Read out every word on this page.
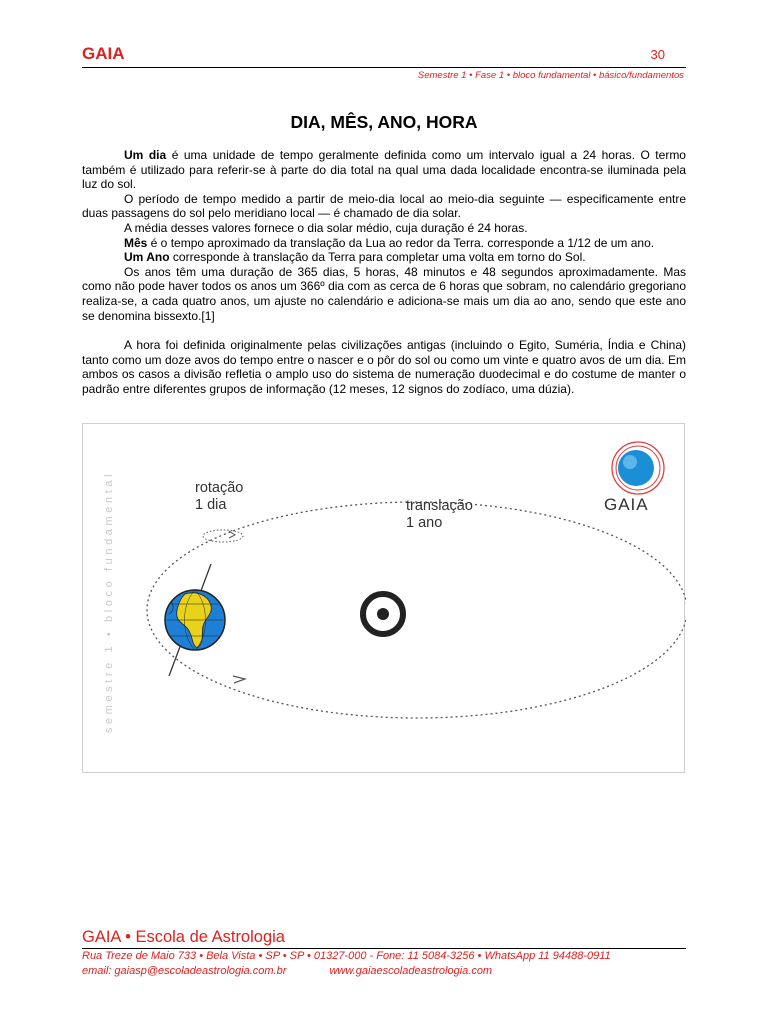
GAIA	30
Semestre 1 • Fase 1 • bloco fundamental • básico/fundamentos
DIA, MÊS, ANO, HORA

Um dia é uma unidade de tempo geralmente definida como um intervalo igual a 24 horas. O termo também é utilizado para referir-se à parte do dia total na qual uma dada localidade encontra-se iluminada pela luz do sol.

O período de tempo medido a partir de meio-dia local ao meio-dia seguinte — especificamente entre duas passagens do sol pelo meridiano local — é chamado de dia solar.

A média desses valores fornece o dia solar médio, cuja duração é 24 horas.

Mês é o tempo aproximado da translação da Lua ao redor da Terra. corresponde a 1/12 de um ano.

Um Ano corresponde à translação da Terra para completar uma volta em torno do Sol.

Os anos têm uma duração de 365 dias, 5 horas, 48 minutos e 48 segundos aproximadamente. Mas como não pode haver todos os anos um 366º dia com as cerca de 6 horas que sobram, no calendário gregoriano realiza-se, a cada quatro anos, um ajuste no calendário e adiciona-se mais um dia ao ano, sendo que este ano se denomina bissexto.[1]

A hora foi definida originalmente pelas civilizações antigas (incluindo o Egito, Suméria, Índia e China) tanto como um doze avos do tempo entre o nascer e o pôr do sol ou como um vinte e quatro avos de um dia. Em ambos os casos a divisão refletia o amplo uso do sistema de numeração duodecimal e do costume de manter o padrão entre diferentes grupos de informação (12 meses, 12 signos do zodíaco, uma dúzia).

rotação
1 dia	translação
1 ano
semestre 1 • bloco fundamental	GAIA
GAIA • Escola de Astrologia
Rua Treze de Maio 733 • Bela Vista • SP • SP • 01327-000 - Fone: 11 5084-3256 • WhatsApp 11 94488-0911
email: gaiasp@escoladeastrologia.com.br	www.gaiaescoladeastrologia.com
